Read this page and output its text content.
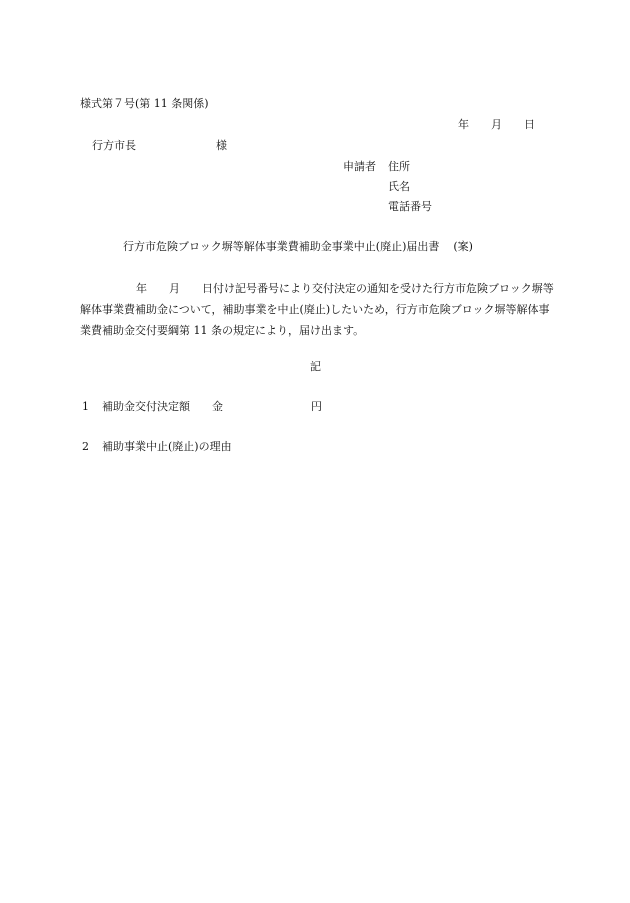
様式第７号(第 11 条関係)
年 月 日
行方市長	様
申請者 住所
氏名
電話番号
行方市危険ブロック塀等解体事業費補助金事業中止(廃止)届出書 (案)
年 月 日付け記号番号により交付決定の通知を受けた行方市危険ブロック塀等解体事業費補助金について，補助事業を中止(廃止)したいため，行方市危険ブロック塀等解体事業費補助金交付要綱第 11 条の規定により，届け出ます。
記
1 補助金交付決定額 金	円
2 補助事業中止(廃止)の理由
